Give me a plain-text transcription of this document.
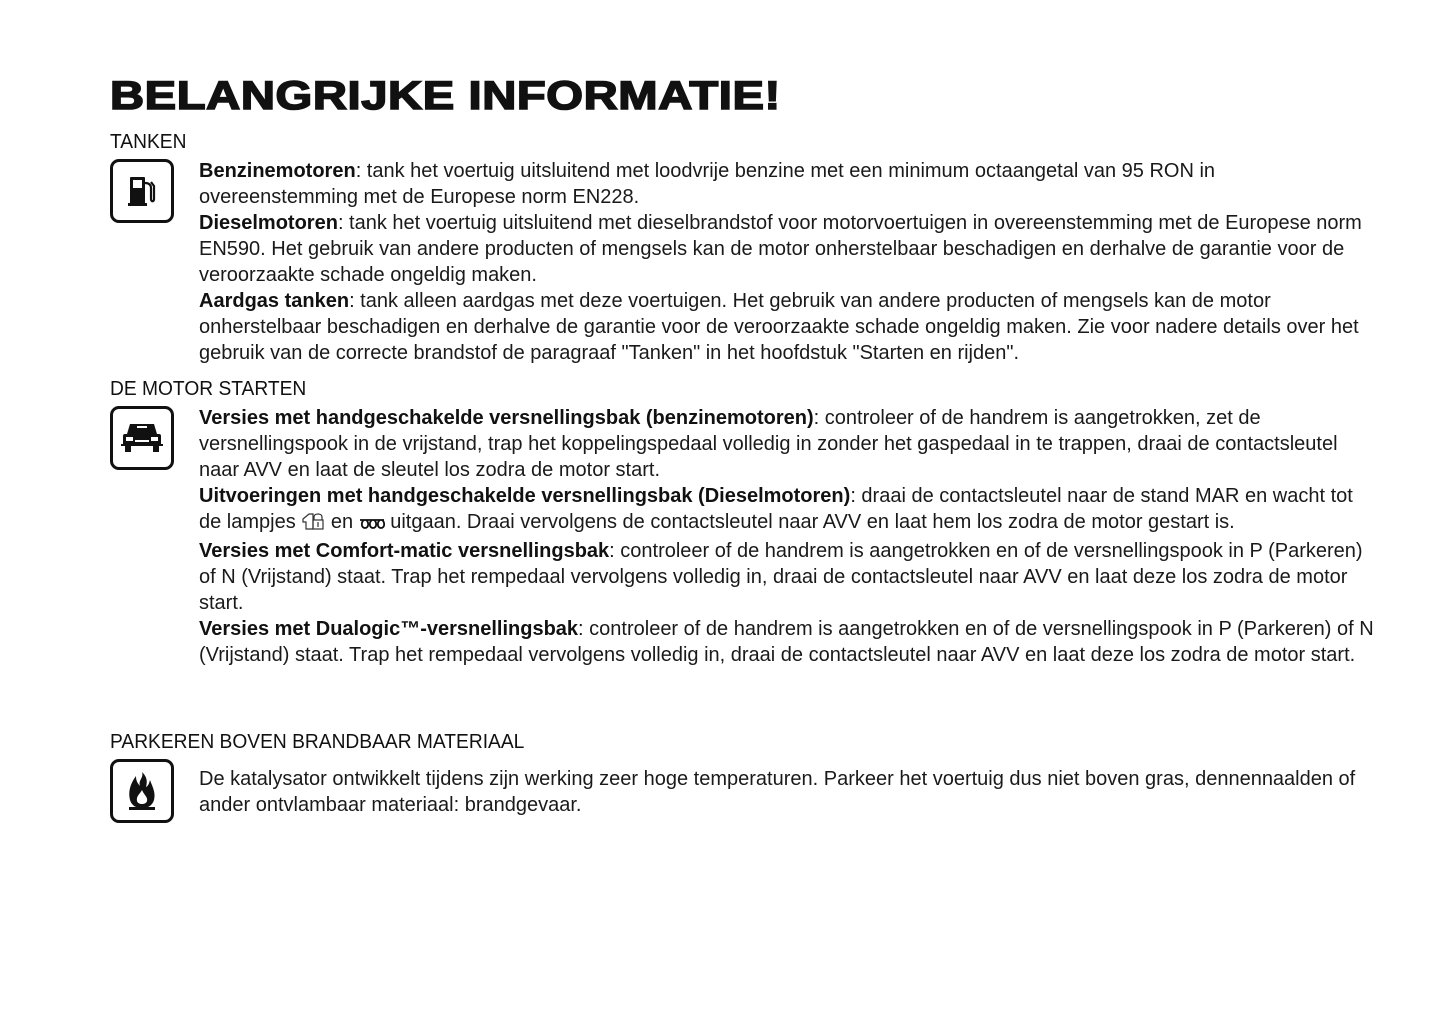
BELANGRIJKE INFORMATIE!
TANKEN

Benzinemotoren: tank het voertuig uitsluitend met loodvrije benzine met een minimum octaangetal van 95 RON in overeenstemming met de Europese norm EN228.

Dieselmotoren: tank het voertuig uitsluitend met dieselbrandstof voor motorvoertuigen in overeenstemming met de Europese norm EN590. Het gebruik van andere producten of mengsels kan de motor onherstelbaar beschadigen en derhalve de garantie voor de veroorzaakte schade ongeldig maken.

Aardgas tanken: tank alleen aardgas met deze voertuigen. Het gebruik van andere producten of mengsels kan de motor onherstelbaar beschadigen en derhalve de garantie voor de veroorzaakte schade ongeldig maken. Zie voor nadere details over het gebruik van de correcte brandstof de paragraaf "Tanken" in het hoofdstuk "Starten en rijden".

DE MOTOR STARTEN

Versies met handgeschakelde versnellingsbak (benzinemotoren): controleer of de handrem is aangetrokken, zet de versnellingspook in de vrijstand, trap het koppelingspedaal volledig in zonder het gaspedaal in te trappen, draai de contactsleutel naar AVV en laat de sleutel los zodra de motor start.

Uitvoeringen met handgeschakelde versnellingsbak (Dieselmotoren): draai de contactsleutel naar de stand MAR en wacht tot de lampjes  en  uitgaan. Draai vervolgens de contactsleutel naar AVV en laat hem los zodra de motor gestart is.

Versies met Comfort-matic versnellingsbak: controleer of de handrem is aangetrokken en of de versnellingspook in P (Parkeren) of N (Vrijstand) staat. Trap het rempedaal vervolgens volledig in, draai de contactsleutel naar AVV en laat deze los zodra de motor start.

Versies met Dualogic™-versnellingsbak: controleer of de handrem is aangetrokken en of de versnellingspook in P (Parkeren) of N (Vrijstand) staat. Trap het rempedaal vervolgens volledig in, draai de contactsleutel naar AVV en laat deze los zodra de motor start.

PARKEREN BOVEN BRANDBAAR MATERIAAL

De katalysator ontwikkelt tijdens zijn werking zeer hoge temperaturen. Parkeer het voertuig dus niet boven gras, dennennaalden of ander ontvlambaar materiaal: brandgevaar.
